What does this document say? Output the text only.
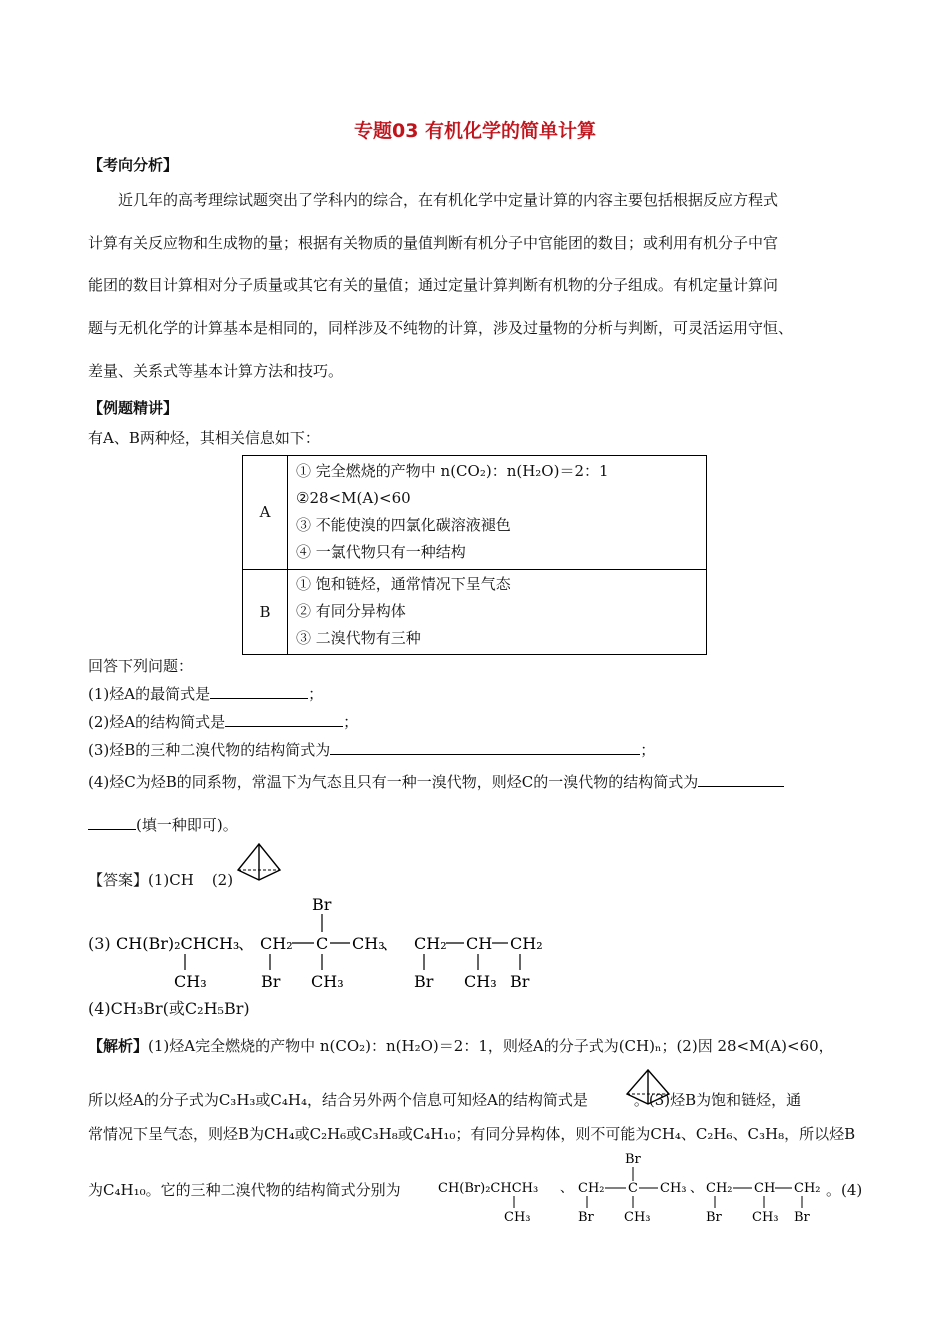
专题03 有机化学的简单计算
【考向分析】
近几年的高考理综试题突出了学科内的综合，在有机化学中定量计算的内容主要包括根据反应方程式
计算有关反应物和生成物的量；根据有关物质的量值判断有机分子中官能团的数目；或利用有机分子中官
能团的数目计算相对分子质量或其它有关的量值；通过定量计算判断有机物的分子组成。有机定量计算问
题与无机化学的计算基本是相同的，同样涉及不纯物的计算，涉及过量物的分析与判断，可灵活运用守恒、
差量、关系式等基本计算方法和技巧。
【例题精讲】
有A、B两种烃，其相关信息如下：
A	① 完全燃烧的产物中 n(CO₂)：n(H₂O)＝2：1
②28<M(A)<60
③ 不能使溴的四氯化碳溶液褪色
④ 一氯代物只有一种结构

B	① 饱和链烃，通常情况下呈气态
② 有同分异构体
③ 二溴代物有三种
回答下列问题：
(1)烃A的最简式是	；
(2)烃A的结构简式是	；
(3)烃B的三种二溴代物的结构简式为	；
(4)烃C为烃B的同系物，常温下为气态且只有一种一溴代物，则烃C的一溴代物的结构简式为
(填一种即可)。
【答案】(1)CH (2)
(3) CH(Br)₂CHCH₃
CH₃
、
Br
CH₂ C CH₃
Br CH₃
、 CH₂ CH CH₂
Br CH₃ Br
(4)CH₃Br(或C₂H₅Br)
【解析】(1)烃A完全燃烧的产物中 n(CO₂)：n(H₂O)＝2：1，则烃A的分子式为(CH)ₙ；(2)因 28<M(A)<60，
所以烃A的分子式为C₃H₃或C₄H₄，结合另外两个信息可知烃A的结构简式是	。(3)烃B为饱和链烃，通
常情况下呈气态，则烃B为CH₄或C₂H₆或C₃H₈或C₄H₁₀；有同分异构体，则不可能为CH₄、C₂H₆、C₃H₈，所以烃B
为C₄H₁₀。它的三种二溴代物的结构简式分别为	CH(Br)₂CHCH₃
CH₃
、
Br
CH₂ C CH₃
Br CH₃
、 CH₂ CH CH₂
Br CH₃ Br
。(4)
